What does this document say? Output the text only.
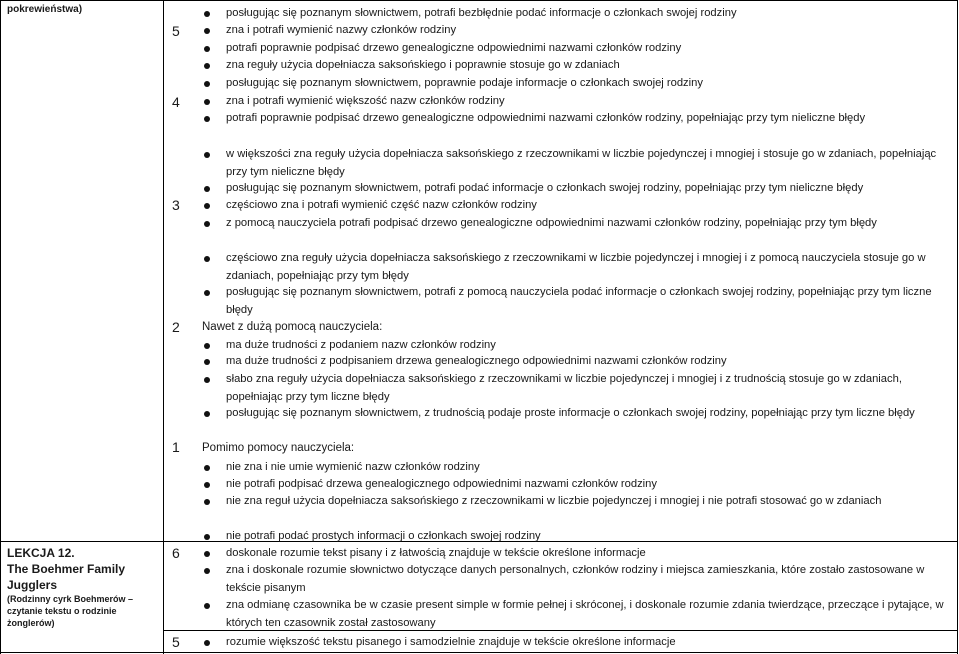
pokrewieństwa)
LEKCJA 12.
The Boehmer Family
Jugglers
(Rodzinny cyrk Boehmerów –
czytanie tekstu o rodzinie
żonglerów)
5
4
3
2
1
6
5
Nawet z dużą pomocą nauczyciela:
Pomimo pomocy nauczyciela:
posługując się poznanym słownictwem, potrafi bezbłędnie podać informacje o członkach swojej rodziny
zna i potrafi wymienić nazwy członków rodziny
potrafi poprawnie podpisać drzewo genealogiczne odpowiednimi nazwami członków rodziny
zna reguły użycia dopełniacza saksońskiego i poprawnie stosuje go w zdaniach
posługując się poznanym słownictwem, poprawnie podaje informacje o członkach swojej rodziny
zna i potrafi wymienić większość nazw członków rodziny
potrafi poprawnie podpisać drzewo genealogiczne odpowiednimi nazwami członków rodziny, popełniając przy tym nieliczne błędy
w większości zna reguły użycia dopełniacza saksońskiego z rzeczownikami w liczbie pojedynczej i mnogiej i stosuje go w zdaniach, popełniając przy tym nieliczne błędy
posługując się poznanym słownictwem, potrafi podać informacje o członkach swojej rodziny, popełniając przy tym nieliczne błędy
częściowo zna i potrafi wymienić część nazw członków rodziny
z pomocą nauczyciela potrafi podpisać drzewo genealogiczne odpowiednimi nazwami członków rodziny, popełniając przy tym błędy
częściowo zna reguły użycia dopełniacza saksońskiego z rzeczownikami w liczbie pojedynczej i mnogiej i z pomocą nauczyciela stosuje go w zdaniach, popełniając przy tym błędy
posługując się poznanym słownictwem, potrafi z pomocą nauczyciela podać informacje o członkach swojej rodziny, popełniając przy tym liczne błędy
ma duże trudności z podaniem nazw członków rodziny
ma duże trudności z podpisaniem drzewa genealogicznego odpowiednimi nazwami członków rodziny
słabo zna reguły użycia dopełniacza saksońskiego z rzeczownikami w liczbie pojedynczej i mnogiej i z trudnością stosuje go w zdaniach, popełniając przy tym liczne błędy
posługując się poznanym słownictwem, z trudnością podaje proste informacje o członkach swojej rodziny, popełniając przy tym liczne błędy
nie zna i nie umie wymienić nazw członków rodziny
nie potrafi podpisać drzewa genealogicznego odpowiednimi nazwami członków rodziny
nie zna reguł użycia dopełniacza saksońskiego z rzeczownikami w liczbie pojedynczej i mnogiej i nie potrafi stosować go w zdaniach
nie potrafi podać prostych informacji o członkach swojej rodziny
doskonale rozumie tekst pisany i z łatwością znajduje w tekście określone informacje
zna i doskonale rozumie słownictwo dotyczące danych personalnych, członków rodziny i miejsca zamieszkania, które zostało zastosowane w tekście pisanym
zna odmianę czasownika be w czasie present simple w formie pełnej i skróconej, i doskonale rozumie zdania twierdzące, przeczące i pytające, w których ten czasownik został zastosowany
rozumie większość tekstu pisanego i samodzielnie znajduje w tekście określone informacje
